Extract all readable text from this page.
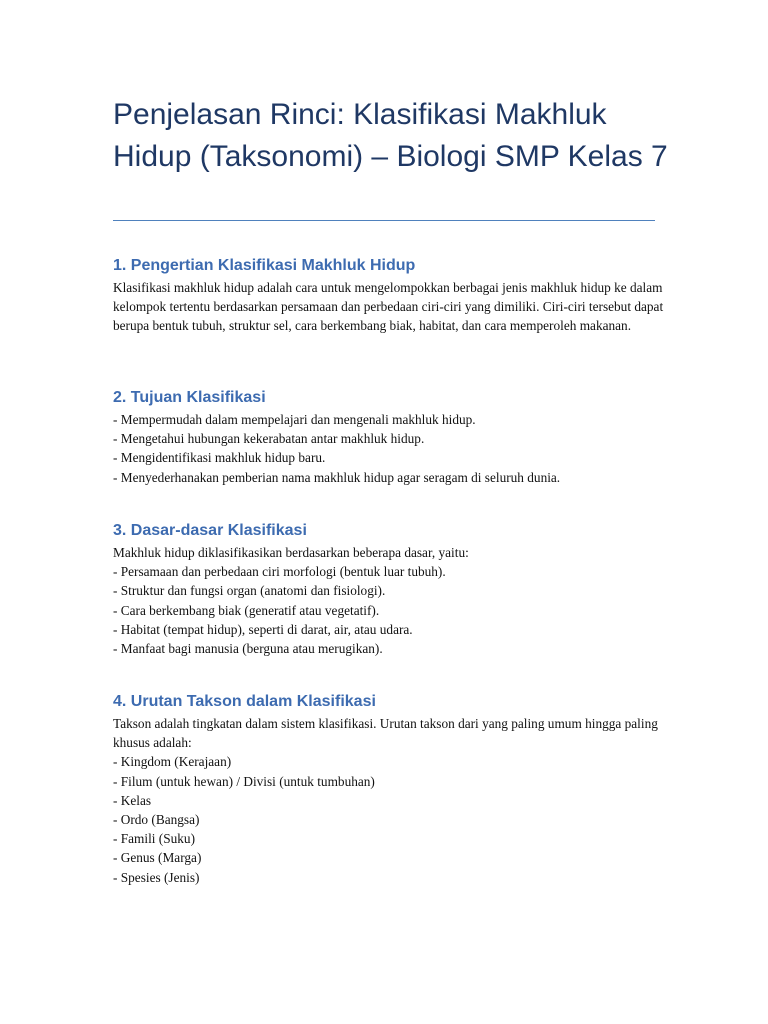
Penjelasan Rinci: Klasifikasi Makhluk Hidup (Taksonomi) – Biologi SMP Kelas 7
1. Pengertian Klasifikasi Makhluk Hidup

Klasifikasi makhluk hidup adalah cara untuk mengelompokkan berbagai jenis makhluk hidup ke dalam kelompok tertentu berdasarkan persamaan dan perbedaan ciri-ciri yang dimiliki. Ciri-ciri tersebut dapat berupa bentuk tubuh, struktur sel, cara berkembang biak, habitat, dan cara memperoleh makanan.

2. Tujuan Klasifikasi
- Mempermudah dalam mempelajari dan mengenali makhluk hidup.
- Mengetahui hubungan kekerabatan antar makhluk hidup.
- Mengidentifikasi makhluk hidup baru.
- Menyederhanakan pemberian nama makhluk hidup agar seragam di seluruh dunia.
3. Dasar-dasar Klasifikasi

Makhluk hidup diklasifikasikan berdasarkan beberapa dasar, yaitu:

- Persamaan dan perbedaan ciri morfologi (bentuk luar tubuh).
- Struktur dan fungsi organ (anatomi dan fisiologi).
- Cara berkembang biak (generatif atau vegetatif).
- Habitat (tempat hidup), seperti di darat, air, atau udara.
- Manfaat bagi manusia (berguna atau merugikan).
4. Urutan Takson dalam Klasifikasi

Takson adalah tingkatan dalam sistem klasifikasi. Urutan takson dari yang paling umum hingga paling khusus adalah:

- Kingdom (Kerajaan)
- Filum (untuk hewan) / Divisi (untuk tumbuhan)
- Kelas
- Ordo (Bangsa)
- Famili (Suku)
- Genus (Marga)
- Spesies (Jenis)
